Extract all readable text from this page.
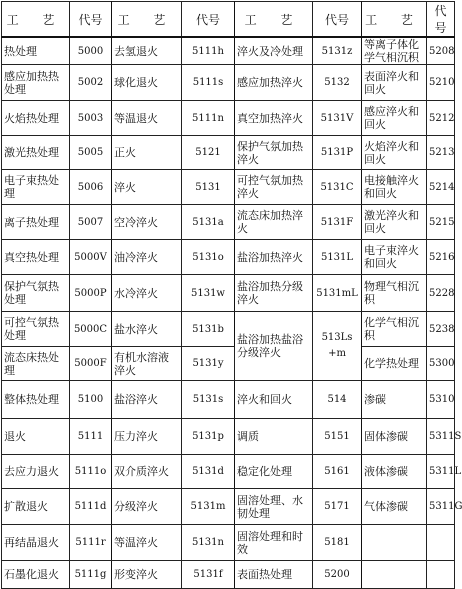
工 艺	代号	工 艺	代号	工 艺	代号	工 艺	代号
热处理	5000	去氢退火	5111h	淬火及冷处理	5131z	等离子体化学气相沉积	5208
感应加热热处理	5002	球化退火	5111s	感应加热淬火	5132	表面淬火和回火	5210
火焰热处理	5003	等温退火	5111n	真空加热淬火	5131V	感应淬火和回火	5212
激光热处理	5005	正火	5121	保护气氛加热淬火	5131P	火焰淬火和回火	5213
电子束热处理	5006	淬火	5131	可控气氛加热淬火	5131C	电接触淬火和回火	5214
离子热处理	5007	空冷淬火	5131a	流态床加热淬火	5131F	激光淬火和回火	5215
真空热处理	5000V	油冷淬火	5131o	盐浴加热淬火	5131L	电子束淬火和回火	5216
保护气氛热处理	5000P	水冷淬火	5131w	盐浴加热分级淬火	5131mL	物理气相沉积	5228
可控气氛热处理	5000C	盐水淬火	5131b	盐浴加热盐浴分级淬火	513Ls +m	化学气相沉积	5238
流态床热处理	5000F	有机水溶液淬火	5131y			化学热处理	5300
整体热处理	5100	盐浴淬火	5131s	淬火和回火	514	渗碳	5310
退火	5111	压力淬火	5131p	调质	5151	固体渗碳	5311S
去应力退火	5111o	双介质淬火	5131d	稳定化处理	5161	液体渗碳	5311L
扩散退火	5111d	分级淬火	5131m	固溶处理、水韧处理	5171	气体渗碳	5311G
再结晶退火	5111r	等温淬火	5131n	固溶处理和时效	5181		
石墨化退火	5111g	形变淬火	5131f	表面热处理	5200		
